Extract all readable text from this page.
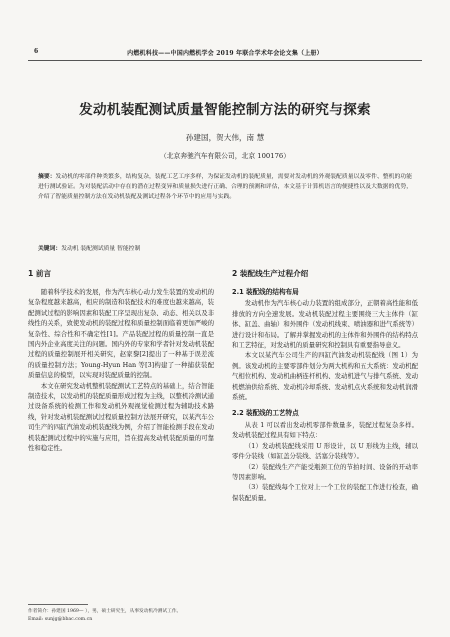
6	内燃机科技——中国内燃机学会 2019 年联合学术年会论文集（上册）
发动机装配测试质量智能控制方法的研究与探索
孙建国，贺大伟，南 慧
（北京奔驰汽车有限公司，北京 100176）
摘要：发动机的零部件种类繁多，结构复杂，装配工艺工序多样，为保证发动机的装配质量，需要对发动机的外观装配质量以及零件、整机的功能进行测试验证。为对装配活动中存在的潜在过程变异和质量损失进行正确、合理的预测和评估，本文基于计算机语言的便捷性以及大数据的优势，介绍了智能质量控制方法在发动机装配及测试过程各个环节中的应用与实践。
关键词：发动机 装配测试质量 智能控制
1 前言

随着科学技术的发展，作为汽车核心动力发生装置的发动机的复杂程度越来越高，相应的制造和装配技术的难度也越来越高，装配测试过程的影响因素和装配工序呈现出复杂、动态、相关以及非线性的关系，致使发动机的装配过程和质量控制面临着更加严峻的复杂性、综合性和不确定性[1]。产品装配过程的质量控制一直是国内外企业高度关注的问题。国内外的专家和学者针对发动机装配过程的质量控制展开相关研究，赵家黎[2]提出了一种基于误差流的质量控制方法；Young-Hyun Han 等[3]构建了一种捕获装配质量信息的模型，以实现对装配质量的控制。

本文在研究发动机整机装配测试工艺特点的基础上，结合智能制造技术，以发动机的装配质量形成过程为主线，以整机冷测试通过设备系统的检测工作和发动机外观视觉检测过程为辅助技术路线，针对发动机装配测试过程质量控制方法展开研究，以某汽车公司生产的四缸汽油发动机装配线为例，介绍了智能检测手段在发动机装配测试过程中的实施与应用，旨在提高发动机装配质量的可靠性和稳定性。

2 装配线生产过程介绍
2.1 装配线的结构布局

发动机作为汽车核心动力装置的组成部分，正朝着高性能和低排放的方向全速发展。发动机装配过程主要围绕三大主体件（缸体、缸盖、曲轴）和外围件（发动机线束、喷油器和进气系统等）进行设计和布局。了解并掌握发动机的主体件和外围件的结构特点和工艺特征，对发动机的质量研究和控制具有重要指导意义。

本文以某汽车公司生产的四缸汽油发动机装配线（图 1）为例。该发动机的主要零部件划分为两大机构和五大系统：发动机配气相位机构、发动机曲柄连杆机构、发动机进气与排气系统、发动机燃油供给系统、发动机冷却系统、发动机点火系统和发动机润滑系统。

2.2 装配线的工艺特点

从表 1 可以看出发动机零部件数量多，装配过程复杂多样。发动机装配过程具有如下特点：

（1）发动机装配线采用 U 形设计，以 U 形线为主线，辅以零件分装线（如缸盖分装线、活塞分装线等）。

（2）装配线生产产能受瓶颈工位的节拍时间、设备的开动率等因素影响。

（3）装配线每个工位对上一个工位的装配工作进行检查，确保装配质量。

作者简介：孙建国 1969— ），男，硕士研究生，从事发动机冷测试工作。
Email: sunjg@bbac.com.cn
